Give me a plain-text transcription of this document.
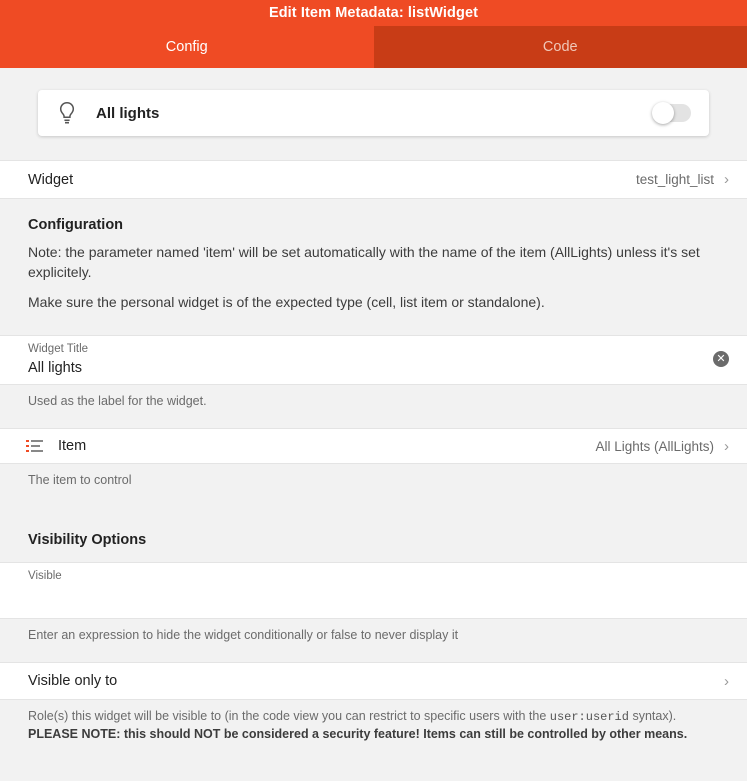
Edit Item Metadata: listWidget
Config	Code
All lights
Widget	test_light_list ›
Configuration
Note: the parameter named 'item' will be set automatically with the name of the item (AllLights) unless it's set explicitely.
Make sure the personal widget is of the expected type (cell, list item or standalone).
Widget Title
All lights
✕
Used as the label for the widget.
Item	All Lights (AllLights) ›
The item to control
Visibility Options
Visible
Enter an expression to hide the widget conditionally or false to never display it
Visible only to	›
Role(s) this widget will be visible to (in the code view you can restrict to specific users with the user:userid syntax).
PLEASE NOTE: this should NOT be considered a security feature! Items can still be controlled by other means.
